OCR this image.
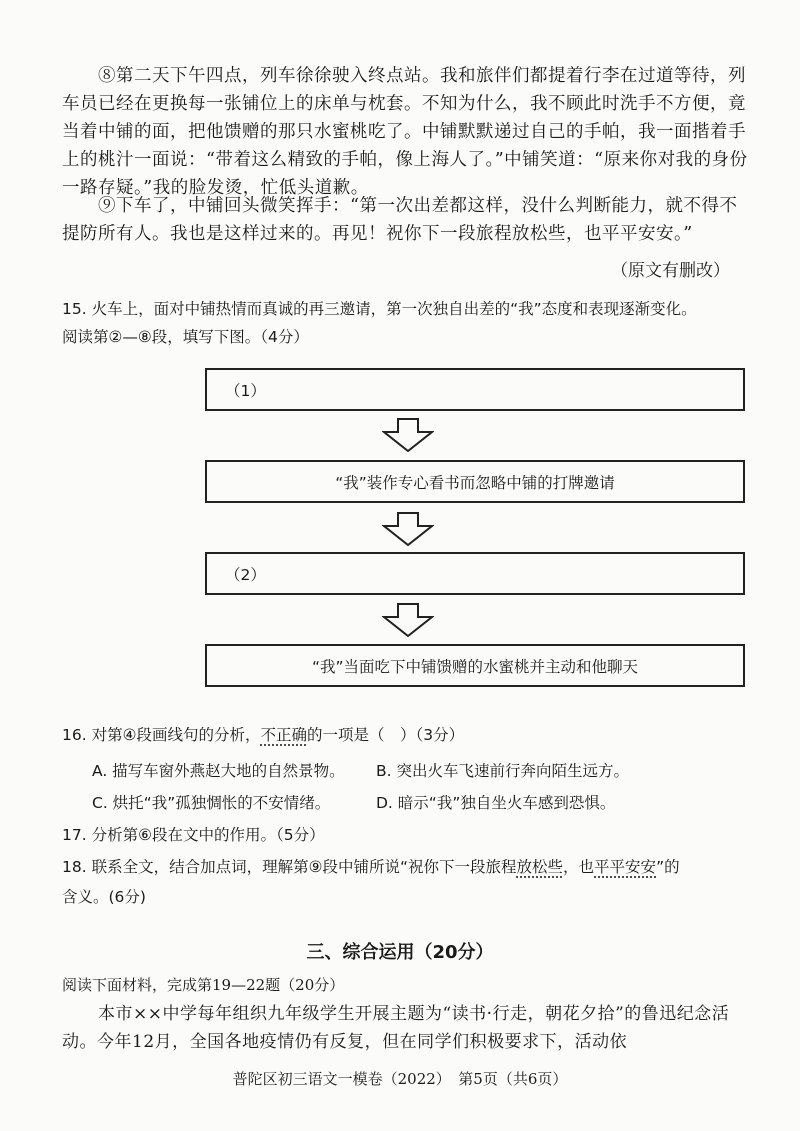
⑧第二天下午四点，列车徐徐驶入终点站。我和旅伴们都提着行李在过道等待，列车员已经在更换每一张铺位上的床单与枕套。不知为什么，我不顾此时洗手不方便，竟当着中铺的面，把他馈赠的那只水蜜桃吃了。中铺默默递过自己的手帕，我一面揩着手上的桃汁一面说：“带着这么精致的手帕，像上海人了。”中铺笑道：“原来你对我的身份一路存疑。”我的脸发烫，忙低头道歉。
⑨下车了，中铺回头微笑挥手：“第一次出差都这样，没什么判断能力，就不得不提防所有人。我也是这样过来的。再见！祝你下一段旅程放松些，也平平安安。”
（原文有删改）
15. 火车上，面对中铺热情而真诚的再三邀请，第一次独自出差的“我”态度和表现逐渐变化。
阅读第②—⑧段，填写下图。（4分）
（1）
“我”装作专心看书而忽略中铺的打牌邀请
（2）
“我”当面吃下中铺馈赠的水蜜桃并主动和他聊天
16. 对第④段画线句的分析，不正确的一项是（　）（3分）
A. 描写车窗外燕赵大地的自然景物。 B. 突出火车飞速前行奔向陌生远方。
C. 烘托“我”孤独惆怅的不安情绪。	D. 暗示“我”独自坐火车感到恐惧。
17. 分析第⑥段在文中的作用。（5分）
18. 联系全文，结合加点词，理解第⑨段中铺所说“祝你下一段旅程放松些，也平平安安”的
含义。(6分)
三、综合运用（20分）
阅读下面材料，完成第19—22题（20分）
本市××中学每年组织九年级学生开展主题为“读书·行走，朝花夕拾”的鲁迅纪念活动。今年12月，全国各地疫情仍有反复，但在同学们积极要求下，活动依
普陀区初三语文一模卷（2022）　第5页（共6页）
